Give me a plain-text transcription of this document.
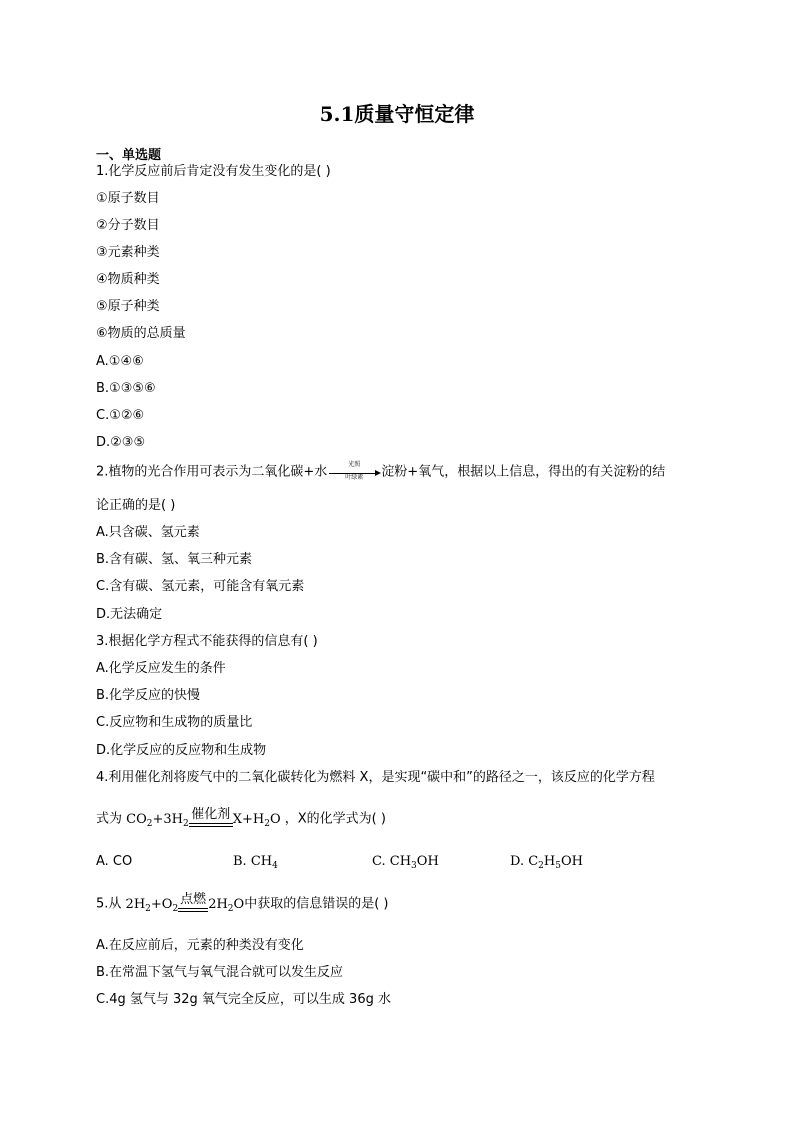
5.1质量守恒定律
一、单选题
1.化学反应前后肯定没有发生变化的是( )
①原子数目
②分子数目
③元素种类
④物质种类
⑤原子种类
⑥物质的总质量
A.①④⑥
B.①③⑤⑥
C.①②⑥
D.②③⑤
2.植物的光合作用可表示为二氧化碳+水	光照
叶绿素	淀粉+氧气，根据以上信息，得出的有关淀粉的结
论正确的是( )
A.只含碳、氢元素
B.含有碳、氢、氧三种元素
C.含有碳、氢元素，可能含有氧元素
D.无法确定
3.根据化学方程式不能获得的信息有( )
A.化学反应发生的条件
B.化学反应的快慢
C.反应物和生成物的质量比
D.化学反应的反应物和生成物
4.利用催化剂将废气中的二氧化碳转化为燃料 X，是实现“碳中和”的路径之一，该反应的化学方程
式为 $CO_2+3H_2$
催化剂 $X+H_2O$ ，X的化学式为( )
A. CO	B. $CH_4$	C. $CH_3OH$	D. $C_2H_5OH$
5.从 $2H_2+O_2$
点燃 $2H_2O$中获取的信息错误的是( )
A.在反应前后，元素的种类没有变化
B.在常温下氢气与氧气混合就可以发生反应
C.4g 氢气与 32g 氧气完全反应，可以生成 36g 水
